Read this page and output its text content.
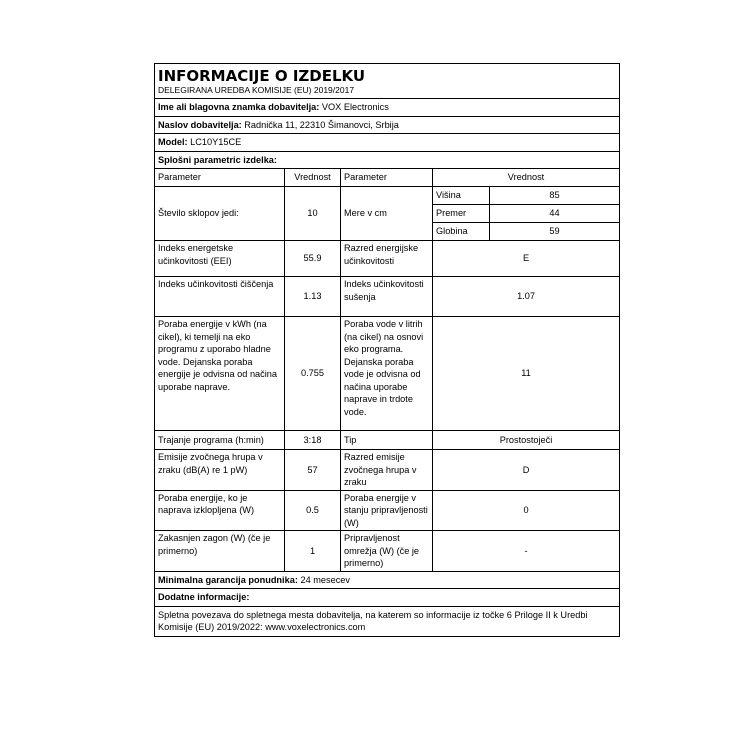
INFORMACIJE O IZDELKU
DELEGIRANA UREDBA KOMISIJE (EU) 2019/2017				

Ime ali blagovna znamka dobavitelja: VOX Electronics				
Naslov dobavitelja: Radnička 11, 22310 Šimanovci, Srbija				
Model: LC10Y15CE				
Splošni parametric izdelka:				
Parameter	Vrednost	Parameter	Vrednost	
Število sklopov jedi:	10	Mere v cm	Višina	85
			Premer	44
			Globina	59
Indeks energetske učinkovitosti (EEI)	55.9	Razred energijske učinkovitosti	E	
Indeks učinkovitosti čiščenja	1.13	Indeks učinkovitosti sušenja	1.07	
Poraba energije v kWh (na cikel), ki temelji na eko programu z uporabo hladne vode. Dejanska poraba energije je odvisna od načina uporabe naprave.	0.755	Poraba vode v litrih (na cikel) na osnovi eko programa. Dejanska poraba vode je odvisna od načina uporabe naprave in trdote vode.	11	
Trajanje programa (h:min)	3:18	Tip	Prostostoječi	
Emisije zvočnega hrupa v zraku (dB(A) re 1 pW)	57	Razred emisije zvočnega hrupa v zraku	D	
Poraba energije, ko je naprava izklopljena (W)	0.5	Poraba energije v stanju pripravljenosti (W)	0	
Zakasnjen zagon (W) (če je primerno)	1	Pripravljenost omrežja (W) (če je primerno)	-	
Minimalna garancija ponudnika: 24 mesecev				
Dodatne informacije:				
Spletna povezava do spletnega mesta dobavitelja, na katerem so informacije iz točke 6 Priloge II k Uredbi Komisije (EU) 2019/2022: www.voxelectronics.com				
